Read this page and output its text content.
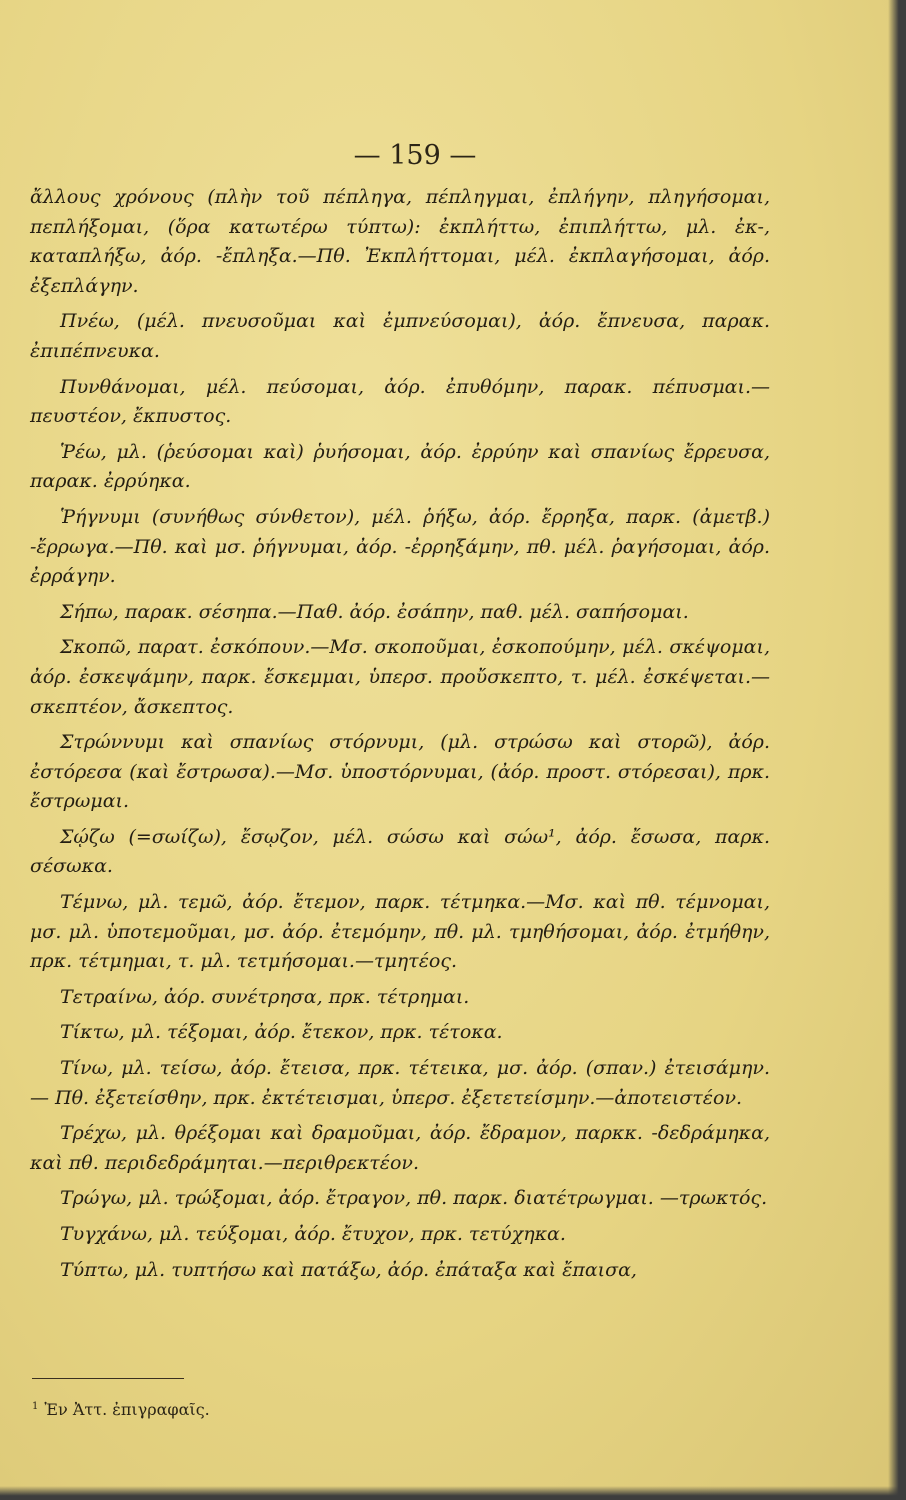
— 159 —

ἄλλους χρόνους (πλὴν τοῦ πέπληγα, πέπληγμαι, ἐπλήγην, πληγήσομαι, πεπλήξομαι, (ὅρα κατωτέρω τύπτω): ἐκπλήττω, ἐπιπλήττω, μλ. ἐκ-, καταπλήξω, ἀόρ. -ἔπληξα.—Πθ. Ἐκπλήττομαι, μέλ. ἐκπλαγήσομαι, ἀόρ. ἐξεπλάγην.

Πνέω, (μέλ. πνευσοῦμαι καὶ ἐμπνεύσομαι), ἀόρ. ἔπνευσα, παρακ. ἐπιπέπνευκα.

Πυνθάνομαι, μέλ. πεύσομαι, ἀόρ. ἐπυθόμην, παρακ. πέπυσμαι.—πευστέον, ἔκπυστος.

Ῥέω, μλ. (ῥεύσομαι καὶ) ῥυήσομαι, ἀόρ. ἐρρύην καὶ σπανίως ἔρρευσα, παρακ. ἐρρύηκα.

Ῥήγνυμι (συνήθως σύνθετον), μέλ. ῥήξω, ἀόρ. ἔρρηξα, παρκ. (ἀμετβ.) -ἔρρωγα.—Πθ. καὶ μσ. ῥήγνυμαι, ἀόρ. -ἐρρηξάμην, πθ. μέλ. ῥαγήσομαι, ἀόρ. ἐρράγην.

Σήπω, παρακ. σέσηπα.—Παθ. ἀόρ. ἐσάπην, παθ. μέλ. σαπήσομαι.

Σκοπῶ, παρατ. ἐσκόπουν.—Μσ. σκοποῦμαι, ἐσκοπούμην, μέλ. σκέψομαι, ἀόρ. ἐσκεψάμην, παρκ. ἔσκεμμαι, ὑπερσ. προὔσκεπτο, τ. μέλ. ἐσκέψεται.—σκεπτέον, ἄσκεπτος.

Στρώννυμι καὶ σπανίως στόρνυμι, (μλ. στρώσω καὶ στορῶ), ἀόρ. ἐστόρεσα (καὶ ἔστρωσα).—Μσ. ὑποστόρνυμαι, (ἀόρ. προστ. στόρεσαι), πρκ. ἔστρωμαι.

Σῴζω (=σωίζω), ἔσῳζον, μέλ. σώσω καὶ σώω¹, ἀόρ. ἔσωσα, παρκ. σέσωκα.

Τέμνω, μλ. τεμῶ, ἀόρ. ἔτεμον, παρκ. τέτμηκα.—Μσ. καὶ πθ. τέμνομαι, μσ. μλ. ὑποτεμοῦμαι, μσ. ἀόρ. ἐτεμόμην, πθ. μλ. τμηθήσομαι, ἀόρ. ἐτμήθην, πρκ. τέτμημαι, τ. μλ. τετμήσομαι.—τμητέος.

Τετραίνω, ἀόρ. συνέτρησα, πρκ. τέτρημαι.

Τίκτω, μλ. τέξομαι, ἀόρ. ἔτεκον, πρκ. τέτοκα.

Τίνω, μλ. τείσω, ἀόρ. ἔτεισα, πρκ. τέτεικα, μσ. ἀόρ. (σπαν.) ἐτεισάμην. — Πθ. ἐξετείσθην, πρκ. ἐκτέτεισμαι, ὑπερσ. ἐξετετείσμην.—ἀποτειστέον.

Τρέχω, μλ. θρέξομαι καὶ δραμοῦμαι, ἀόρ. ἔδραμον, παρκκ. -δεδράμηκα, καὶ πθ. περιδεδράμηται.—περιθρεκτέον.

Τρώγω, μλ. τρώξομαι, ἀόρ. ἔτραγον, πθ. παρκ. διατέτρωγμαι. —τρωκτός.

Τυγχάνω, μλ. τεύξομαι, ἀόρ. ἔτυχον, πρκ. τετύχηκα.

Τύπτω, μλ. τυπτήσω καὶ πατάξω, ἀόρ. ἐπάταξα καὶ ἔπαισα,

$^1$ Ἐν Ἀττ. ἐπιγραφαῖς.
